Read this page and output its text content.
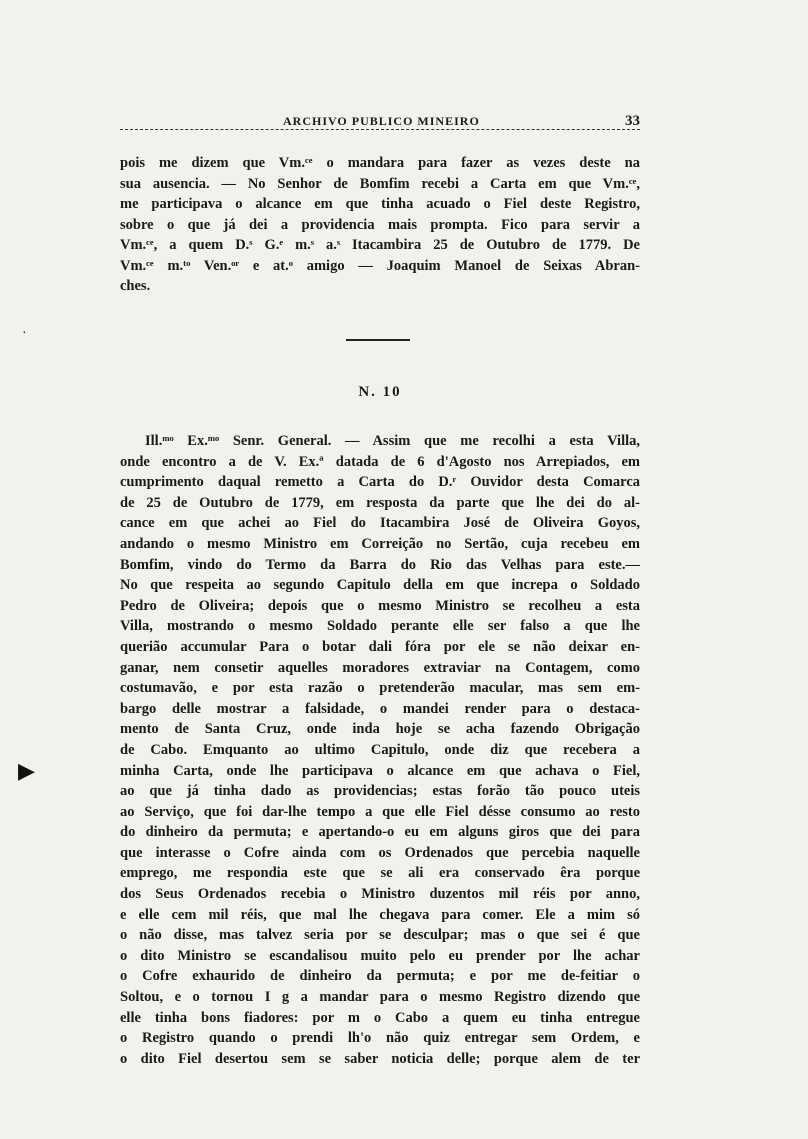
ARCHIVO PUBLICO MINEIRO	33
pois me dizem que Vm.ᶜᵉ o mandara para fazer as vezes deste na
sua ausencia. — No Senhor de Bomfim recebi a Carta em que Vm.ᶜᵉ,
me participava o alcance em que tinha acuado o Fiel deste Registro,
sobre o que já dei a providencia mais prompta. Fico para servir a
Vm.ᶜᵉ, a quem D.ˢ G.ᵉ m.ˢ a.ˢ Itacambira 25 de Outubro de 1779. De
Vm.ᶜᵉ m.ᵗᵒ Ven.ᵒʳ e at.ᵒ amigo — Joaquim Manoel de Seixas Abran-
ches.
N. 10
Ill.ᵐᵒ Ex.ᵐᵒ Senr. General. — Assim que me recolhi a esta Villa,
onde encontro a de V. Ex.ª datada de 6 d'Agosto nos Arrepiados, em
cumprimento daqual remetto a Carta do D.ʳ Ouvidor desta Comarca
de 25 de Outubro de 1779, em resposta da parte que lhe dei do al-
cance em que achei ao Fiel do Itacambira José de Oliveira Goyos,
andando o mesmo Ministro em Correição no Sertão, cuja recebeu em
Bomfim, vindo do Termo da Barra do Rio das Velhas para este.—
No que respeita ao segundo Capitulo della em que increpa o Soldado
Pedro de Oliveira; depois que o mesmo Ministro se recolheu a esta
Villa, mostrando o mesmo Soldado perante elle ser falso a que lhe
querião accumular Para o botar dali fóra por ele se não deixar en-
ganar, nem consetir aquelles moradores extraviar na Contagem, como
costumavão, e por esta razão o pretenderão macular, mas sem em-
bargo delle mostrar a falsidade, o mandei render para o destaca-
mento de Santa Cruz, onde inda hoje se acha fazendo Obrigação
de Cabo. Emquanto ao ultimo Capitulo, onde diz que recebera a
minha Carta, onde lhe participava o alcance em que achava o Fiel,
ao que já tinha dado as providencias; estas forão tão pouco uteis
ao Serviço, que foi dar-lhe tempo a que elle Fiel désse consumo ao resto
do dinheiro da permuta; e apertando-o eu em alguns giros que dei para
que interasse o Cofre ainda com os Ordenados que percebia naquelle
emprego, me respondia este que se ali era conservado êra porque
dos Seus Ordenados recebia o Ministro duzentos mil réis por anno,
e elle cem mil réis, que mal lhe chegava para comer. Ele a mim só
o não disse, mas talvez seria por se desculpar; mas o que sei é que
o dito Ministro se escandalisou muito pelo eu prender por lhe achar
o Cofre exhaurido de dinheiro da permuta; e por me de-feitiar o
Soltou, e o tornou I g a mandar para o mesmo Registro dizendo que
elle tinha bons fiadores: por m o Cabo a quem eu tinha entregue
o Registro quando o prendi lh'o não quiz entregar sem Ordem, e
o dito Fiel desertou sem se saber noticia delle; porque alem de ter
·
▶
